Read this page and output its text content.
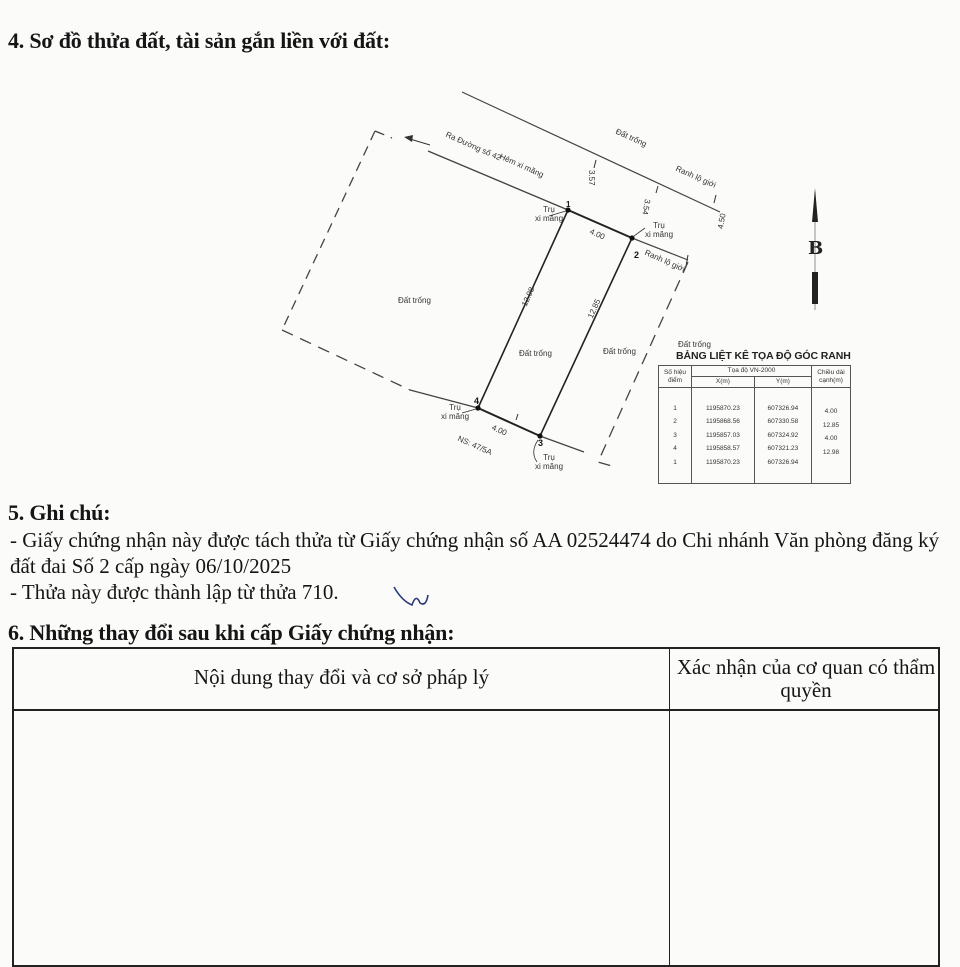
4. Sơ đồ thửa đất, tài sản gắn liền với đất:
B
Ra Đường số 42
Hẻm xi măng
Đất trống
Ranh lộ giới
Ranh lộ giới
3.57
3.54
4.50
4.00
12.98
12.85
4.00
Đất trống
Đất trống	Đất trống
NS: 47/5A
1
2
3
4
Trụ
xi măng
Trụ
xi măng
Trụ
xi măng
Trụ
xi măng
Đất trống
BẢNG LIỆT KÊ TỌA ĐỘ GÓC RANH
Số hiệu điểm	Tọa độ VN-2000		Chiều dài cạnh(m)
	X(m)	Y(m)	

1	1195870.23	607326.94	
2	1195868.56	607330.58	4.00
3	1195857.03	607324.92	12.85
4	1195858.57	607321.23	4.00
1	1195870.23	607326.94	12.98

5. Ghi chú:
- Giấy chứng nhận này được tách thửa từ Giấy chứng nhận số AA 02524474 do Chi nhánh Văn phòng đăng ký đất đai Số 2 cấp ngày 06/10/2025
- Thửa này được thành lập từ thửa 710.
6. Những thay đổi sau khi cấp Giấy chứng nhận:
Nội dung thay đổi và cơ sở pháp lý	Xác nhận của cơ quan có thẩm quyền
